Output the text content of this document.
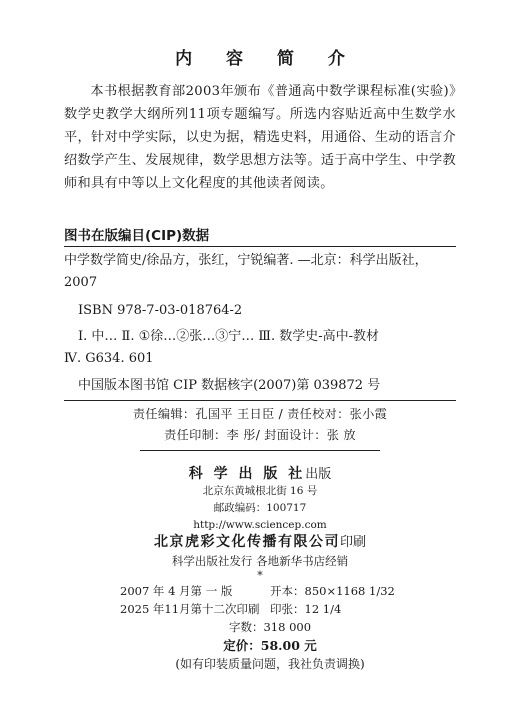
内 容 简 介

本书根据教育部2003年颁布《普通高中数学课程标准(实验)》数学史教学大纲所列11项专题编写。所选内容贴近高中生数学水平，针对中学实际，以史为据，精选史料，用通俗、生动的语言介绍数学产生、发展规律，数学思想方法等。适于高中学生、中学教师和具有中等以上文化程度的其他读者阅读。

图书在版编目(CIP)数据

中学数学简史/徐品方，张红，宁锐编著. —北京：科学出版社，

2007

ISBN 978-7-03-018764-2

Ⅰ. 中… Ⅱ. ①徐…②张…③宁… Ⅲ. 数学史-高中-教材

Ⅳ. G634. 601

中国版本图书馆 CIP 数据核字(2007)第 039872 号

责任编辑：孔国平 王日臣 / 责任校对：张小霞

责任印制：李 彤/ 封面设计：张 放

科 学 出 版 社出版

北京东黄城根北街 16 号

邮政编码：100717

http://www.sciencep.com

北京虎彩文化传播有限公司印刷

科学出版社发行 各地新华书店经销

*

2007 年 4 月第 一 版	开本：850×1168 1/32
2025 年11月第十二次印刷 印张：12 1/4
字数：318 000
定价：58.00 元
(如有印装质量问题，我社负责调换)
